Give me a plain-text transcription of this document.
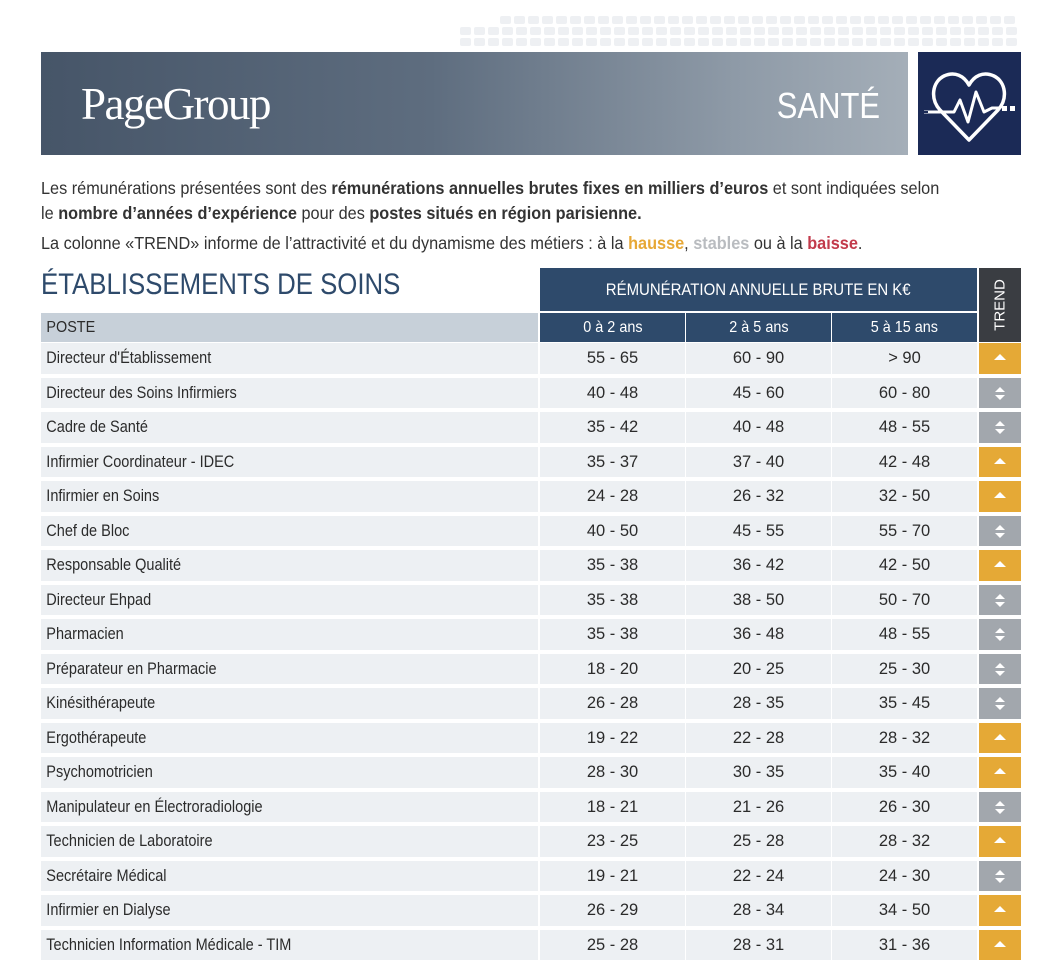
PageGroup	SANTÉ

Les rémunérations présentées sont des rémunérations annuelles brutes fixes en milliers d’euros et sont indiquées selon

le nombre d’années d’expérience pour des postes situés en région parisienne.

La colonne «TREND» informe de l’attractivité et du dynamisme des métiers : à la hausse, stables ou à la baisse.

ÉTABLISSEMENTS DE SOINS	RÉMUNÉRATION ANNUELLE BRUTE EN K€	TREND
POSTE	0 à 2 ans	2 à 5 ans	5 à 15 ans
Directeur d'Établissement	55 - 65	60 - 90	> 90
Directeur des Soins Infirmiers	40 - 48	45 - 60	60 - 80
Cadre de Santé	35 - 42	40 - 48	48 - 55
Infirmier Coordinateur - IDEC	35 - 37	37 - 40	42 - 48
Infirmier en Soins	24 - 28	26 - 32	32 - 50
Chef de Bloc	40 - 50	45 - 55	55 - 70
Responsable Qualité	35 - 38	36 - 42	42 - 50
Directeur Ehpad	35 - 38	38 - 50	50 - 70
Pharmacien	35 - 38	36 - 48	48 - 55
Préparateur en Pharmacie	18 - 20	20 - 25	25 - 30
Kinésithérapeute	26 - 28	28 - 35	35 - 45
Ergothérapeute	19 - 22	22 - 28	28 - 32
Psychomotricien	28 - 30	30 - 35	35 - 40
Manipulateur en Électroradiologie	18 - 21	21 - 26	26 - 30
Technicien de Laboratoire	23 - 25	25 - 28	28 - 32
Secrétaire Médical	19 - 21	22 - 24	24 - 30
Infirmier en Dialyse	26 - 29	28 - 34	34 - 50
Technicien Information Médicale - TIM	25 - 28	28 - 31	31 - 36
